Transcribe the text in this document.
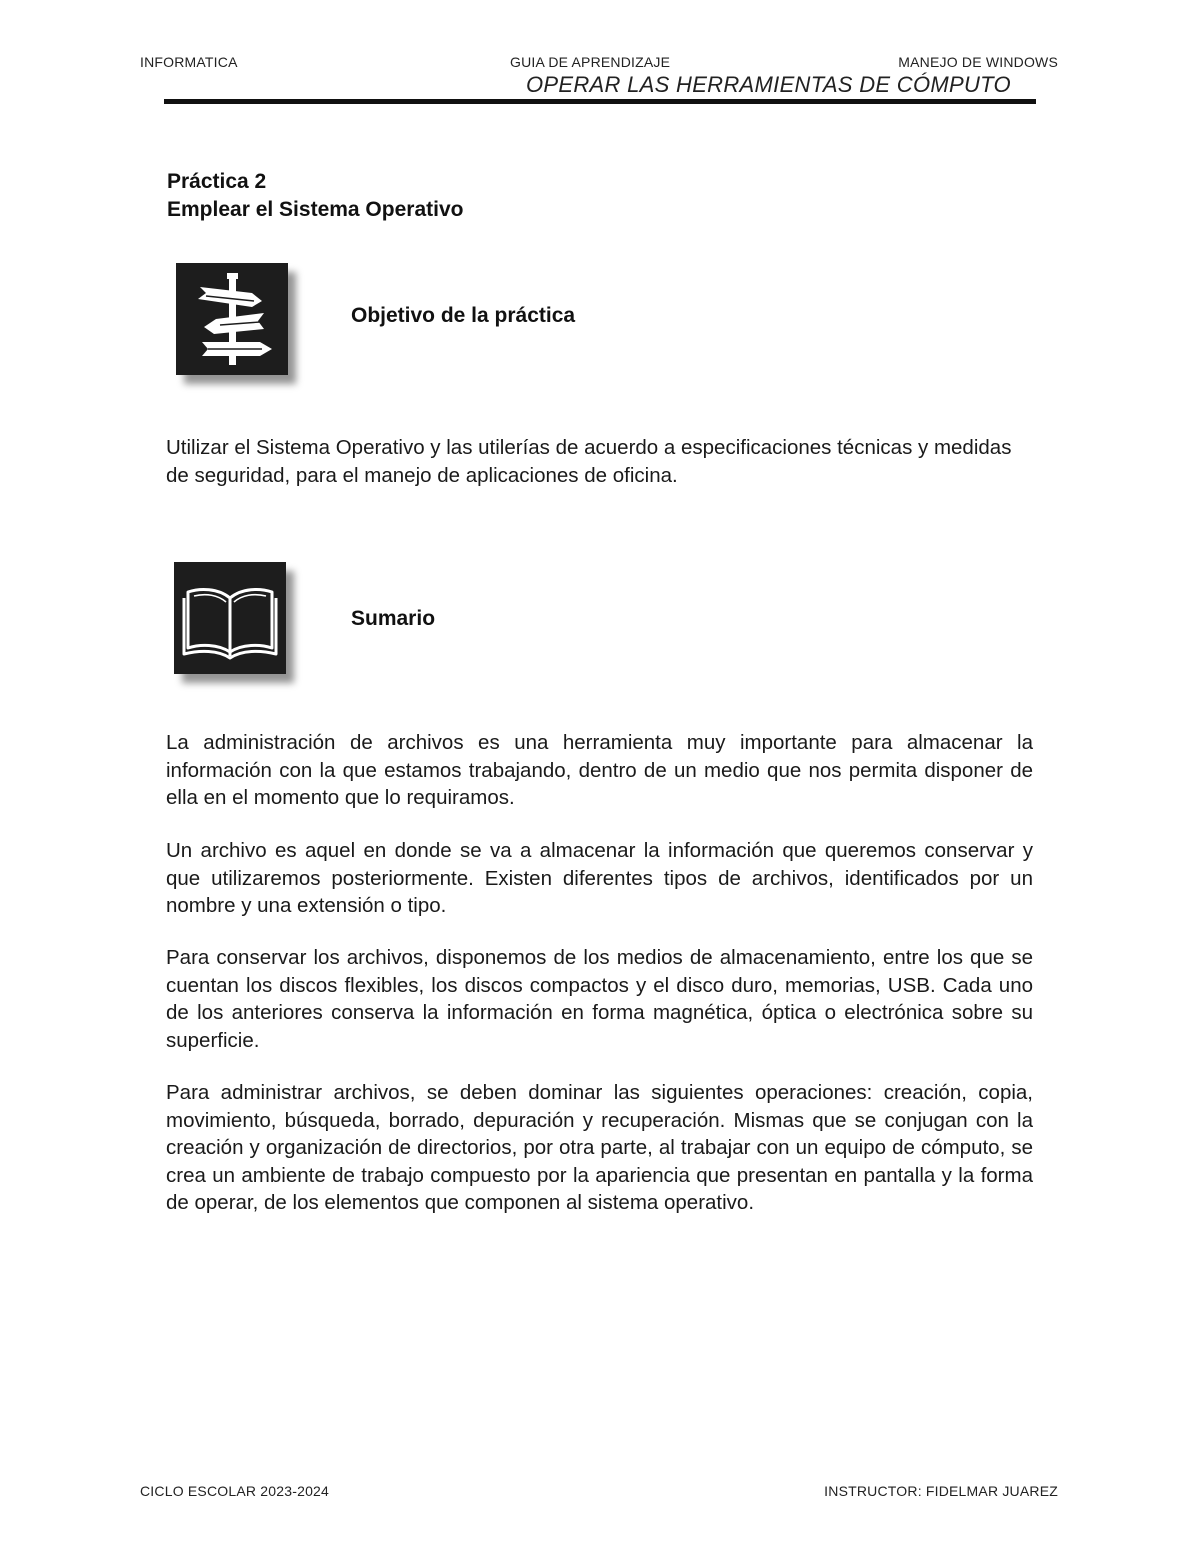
INFORMATICA	GUIA DE APRENDIZAJE	MANEJO DE WINDOWS
OPERAR LAS HERRAMIENTAS DE CÓMPUTO
Práctica 2
Emplear el Sistema Operativo
Objetivo de la práctica

Utilizar el Sistema Operativo y las utilerías de acuerdo a especificaciones técnicas y medidas de seguridad, para el manejo de aplicaciones de oficina.

Sumario

La administración de archivos es una herramienta muy importante para almacenar la información con la que estamos trabajando, dentro de un medio que nos permita disponer de ella en el momento que lo requiramos.

Un archivo es aquel en donde se va a almacenar la información que queremos conservar y que utilizaremos posteriormente. Existen diferentes tipos de archivos, identificados por un nombre y una extensión o tipo.

Para conservar los archivos, disponemos de los medios de almacenamiento, entre los que se cuentan los discos flexibles, los discos compactos y el disco duro, memorias, USB. Cada uno de los anteriores conserva la información en forma magnética, óptica o electrónica sobre su superficie.

Para administrar archivos, se deben dominar las siguientes operaciones: creación, copia, movimiento, búsqueda, borrado, depuración y recuperación. Mismas que se conjugan con la creación y organización de directorios, por otra parte, al trabajar con un equipo de cómputo, se crea un ambiente de trabajo compuesto por la apariencia que presentan en pantalla y la forma de operar, de los elementos que componen al sistema operativo.

CICLO ESCOLAR 2023-2024	INSTRUCTOR: FIDELMAR JUAREZ
